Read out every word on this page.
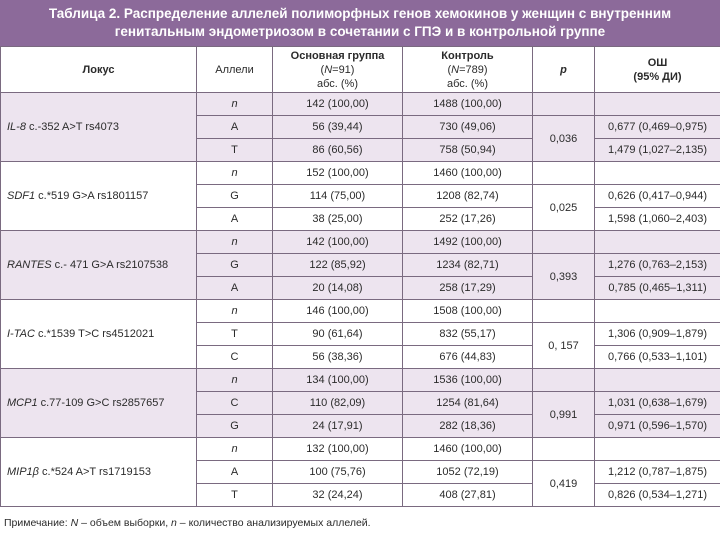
Таблица 2. Распределение аллелей полиморфных генов хемокинов у женщин с внутренним
генитальным эндометриозом в сочетании с ГПЭ и в контрольной группе
Локус	Аллели	Основная группа
(N=91)
абс. (%)	Контроль
(N=789)
абс. (%)	p	ОШ
(95% ДИ)

IL-8 c.-352 A>T rs4073	n	142 (100,00)	1488 (100,00)		
	A	56 (39,44)	730 (49,06)	0,036	0,677 (0,469–0,975)
	T	86 (60,56)	758 (50,94)		1,479 (1,027–2,135)
SDF1 c.*519 G>A rs1801157	n	152 (100,00)	1460 (100,00)		
	G	114 (75,00)	1208 (82,74)	0,025	0,626 (0,417–0,944)
	A	38 (25,00)	252 (17,26)		1,598 (1,060–2,403)
RANTES c.- 471 G>A rs2107538	n	142 (100,00)	1492 (100,00)		
	G	122 (85,92)	1234 (82,71)	0,393	1,276 (0,763–2,153)
	A	20 (14,08)	258 (17,29)		0,785 (0,465–1,311)
I-TAC c.*1539 T>C rs4512021	n	146 (100,00)	1508 (100,00)		
	T	90 (61,64)	832 (55,17)	0, 157	1,306 (0,909–1,879)
	C	56 (38,36)	676 (44,83)		0,766 (0,533–1,101)
MCP1 c.77-109 G>C rs2857657	n	134 (100,00)	1536 (100,00)		
	C	110 (82,09)	1254 (81,64)	0,991	1,031 (0,638–1,679)
	G	24 (17,91)	282 (18,36)		0,971 (0,596–1,570)
MIP1β c.*524 A>T rs1719153	n	132 (100,00)	1460 (100,00)		
	A	100 (75,76)	1052 (72,19)	0,419	1,212 (0,787–1,875)
	T	32 (24,24)	408 (27,81)		0,826 (0,534–1,271)
Примечание: N – объем выборки, n – количество анализируемых аллелей.
